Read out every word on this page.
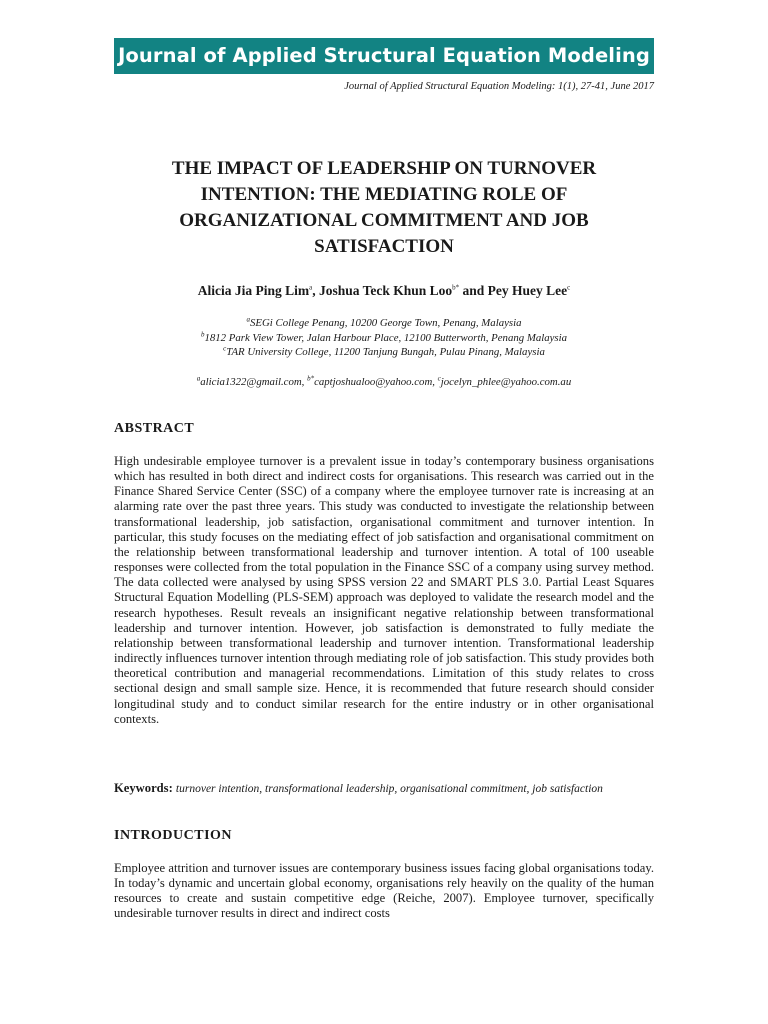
Journal of Applied Structural Equation Modeling
Journal of Applied Structural Equation Modeling: 1(1), 27-41, June 2017
THE IMPACT OF LEADERSHIP ON TURNOVER INTENTION: THE MEDIATING ROLE OF ORGANIZATIONAL COMMITMENT AND JOB SATISFACTION
Alicia Jia Ping Lim$^a$, Joshua Teck Khun Loo$^{b*}$ and Pey Huey Lee$^c$
$^a$SEGi College Penang, 10200 George Town, Penang, Malaysia
$^b$1812 Park View Tower, Jalan Harbour Place, 12100 Butterworth, Penang Malaysia
$^c$TAR University College, 11200 Tanjung Bungah, Pulau Pinang, Malaysia
$^a$alicia1322@gmail.com, $^{b*}$captjoshualoo@yahoo.com, $^c$jocelyn_phlee@yahoo.com.au
ABSTRACT

High undesirable employee turnover is a prevalent issue in today’s contemporary business organisations which has resulted in both direct and indirect costs for organisations. This research was carried out in the Finance Shared Service Center (SSC) of a company where the employee turnover rate is increasing at an alarming rate over the past three years. This study was conducted to investigate the relationship between transformational leadership, job satisfaction, organisational commitment and turnover intention. In particular, this study focuses on the mediating effect of job satisfaction and organisational commitment on the relationship between transformational leadership and turnover intention. A total of 100 useable responses were collected from the total population in the Finance SSC of a company using survey method. The data collected were analysed by using SPSS version 22 and SMART PLS 3.0. Partial Least Squares Structural Equation Modelling (PLS-SEM) approach was deployed to validate the research model and the research hypotheses. Result reveals an insignificant negative relationship between transformational leadership and turnover intention. However, job satisfaction is demonstrated to fully mediate the relationship between transformational leadership and turnover intention. Transformational leadership indirectly influences turnover intention through mediating role of job satisfaction. This study provides both theoretical contribution and managerial recommendations. Limitation of this study relates to cross sectional design and small sample size. Hence, it is recommended that future research should consider longitudinal study and to conduct similar research for the entire industry or in other organisational contexts.

Keywords: turnover intention, transformational leadership, organisational commitment, job satisfaction
INTRODUCTION

Employee attrition and turnover issues are contemporary business issues facing global organisations today. In today’s dynamic and uncertain global economy, organisations rely heavily on the quality of the human resources to create and sustain competitive edge (Reiche, 2007). Employee turnover, specifically undesirable turnover results in direct and indirect costs
